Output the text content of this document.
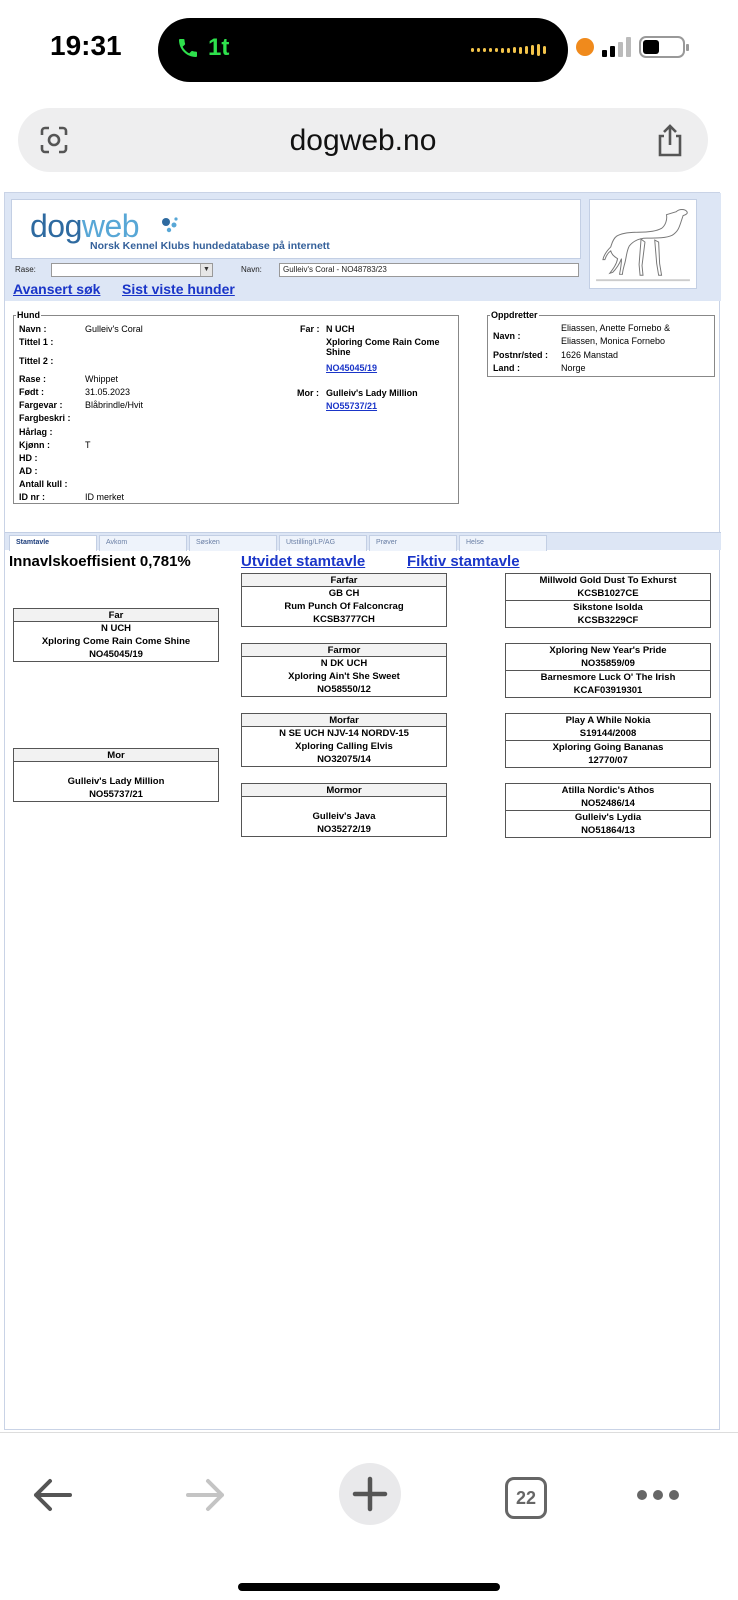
19:31	1t
dogweb.no
dogweb
Norsk Kennel Klubs hundedatabase på internett
Rase:	▼	Navn:	Gulleiv's Coral - NO48783/23
Avansert søk Sist viste hunder
Hund
Navn :	Gulleiv's Coral
Tittel 1 :
Tittel 2 :
Rase :	Whippet
Født :	31.05.2023
Fargevar : Blåbrindle/Hvit
Fargbeskri :
Hårlag :
Kjønn :	T
HD :
AD :
Antall kull :
ID nr :	ID merket
Far : N UCH
Xploring Come Rain Come
Shine
NO45045/19
Mor : Gulleiv's Lady Million
NO55737/21
Oppdretter
Navn :
Eliassen, Anette Fornebo &
Eliassen, Monica Fornebo
Postnr/sted : 1626 Manstad
Land :	Norge
Stamtavle	Avkom	Søsken	Utstilling/LP/AG	Prøver	Helse
Innavlskoeffisient 0,781%	Utvidet stamtavle	Fiktiv stamtavle
Far
N UCH
Xploring Come Rain Come Shine
NO45045/19
Mor
Gulleiv's Lady Million
NO55737/21
Farfar
GB CH
Rum Punch Of Falconcrag
KCSB3777CH
Farmor
N DK UCH
Xploring Ain't She Sweet
NO58550/12
Morfar
N SE UCH NJV-14 NORDV-15
Xploring Calling Elvis
NO32075/14
Mormor
Gulleiv's Java
NO35272/19
Millwold Gold Dust To Exhurst
KCSB1027CE
Sikstone Isolda
KCSB3229CF
Xploring New Year's Pride
NO35859/09
Barnesmore Luck O' The Irish
KCAF03919301
Play A While Nokia
S19144/2008
Xploring Going Bananas
12770/07
Atilla Nordic's Athos
NO52486/14
Gulleiv's Lydia
NO51864/13
22
